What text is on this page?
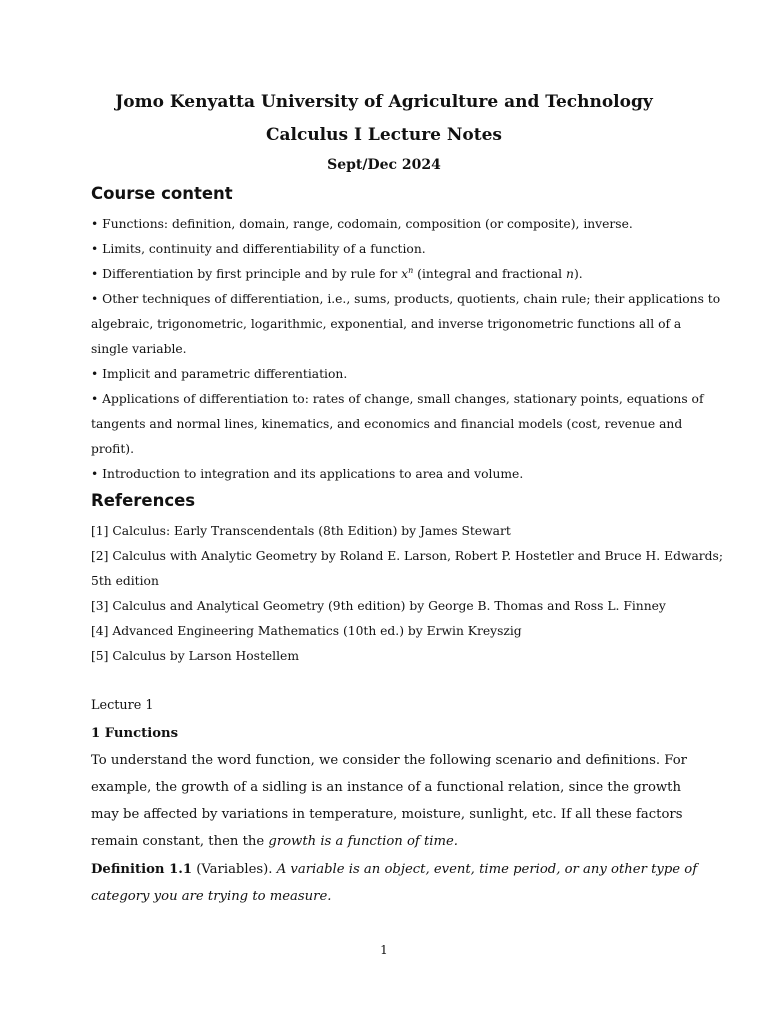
Jomo Kenyatta University of Agriculture and Technology
Calculus I Lecture Notes
Sept/Dec 2024
Course content
• Functions: definition, domain, range, codomain, composition (or composite), inverse.
• Limits, continuity and differentiability of a function.
• Differentiation by first principle and by rule for $x^n$ (integral and fractional n).
• Other techniques of differentiation, i.e., sums, products, quotients, chain rule; their applications to
algebraic, trigonometric, logarithmic, exponential, and inverse trigonometric functions all of a
single variable.
• Implicit and parametric differentiation.
• Applications of differentiation to: rates of change, small changes, stationary points, equations of
tangents and normal lines, kinematics, and economics and financial models (cost, revenue and
profit).
• Introduction to integration and its applications to area and volume.
References
[1] Calculus: Early Transcendentals (8th Edition) by James Stewart
[2] Calculus with Analytic Geometry by Roland E. Larson, Robert P. Hostetler and Bruce H. Edwards;
5th edition
[3] Calculus and Analytical Geometry (9th edition) by George B. Thomas and Ross L. Finney
[4] Advanced Engineering Mathematics (10th ed.) by Erwin Kreyszig
[5] Calculus by Larson Hostellem
Lecture 1
1 Functions
To understand the word function, we consider the following scenario and definitions. For
example, the growth of a sidling is an instance of a functional relation, since the growth
may be affected by variations in temperature, moisture, sunlight, etc. If all these factors
remain constant, then the growth is a function of time.
Definition 1.1 (Variables). A variable is an object, event, time period, or any other type of
category you are trying to measure.
1
